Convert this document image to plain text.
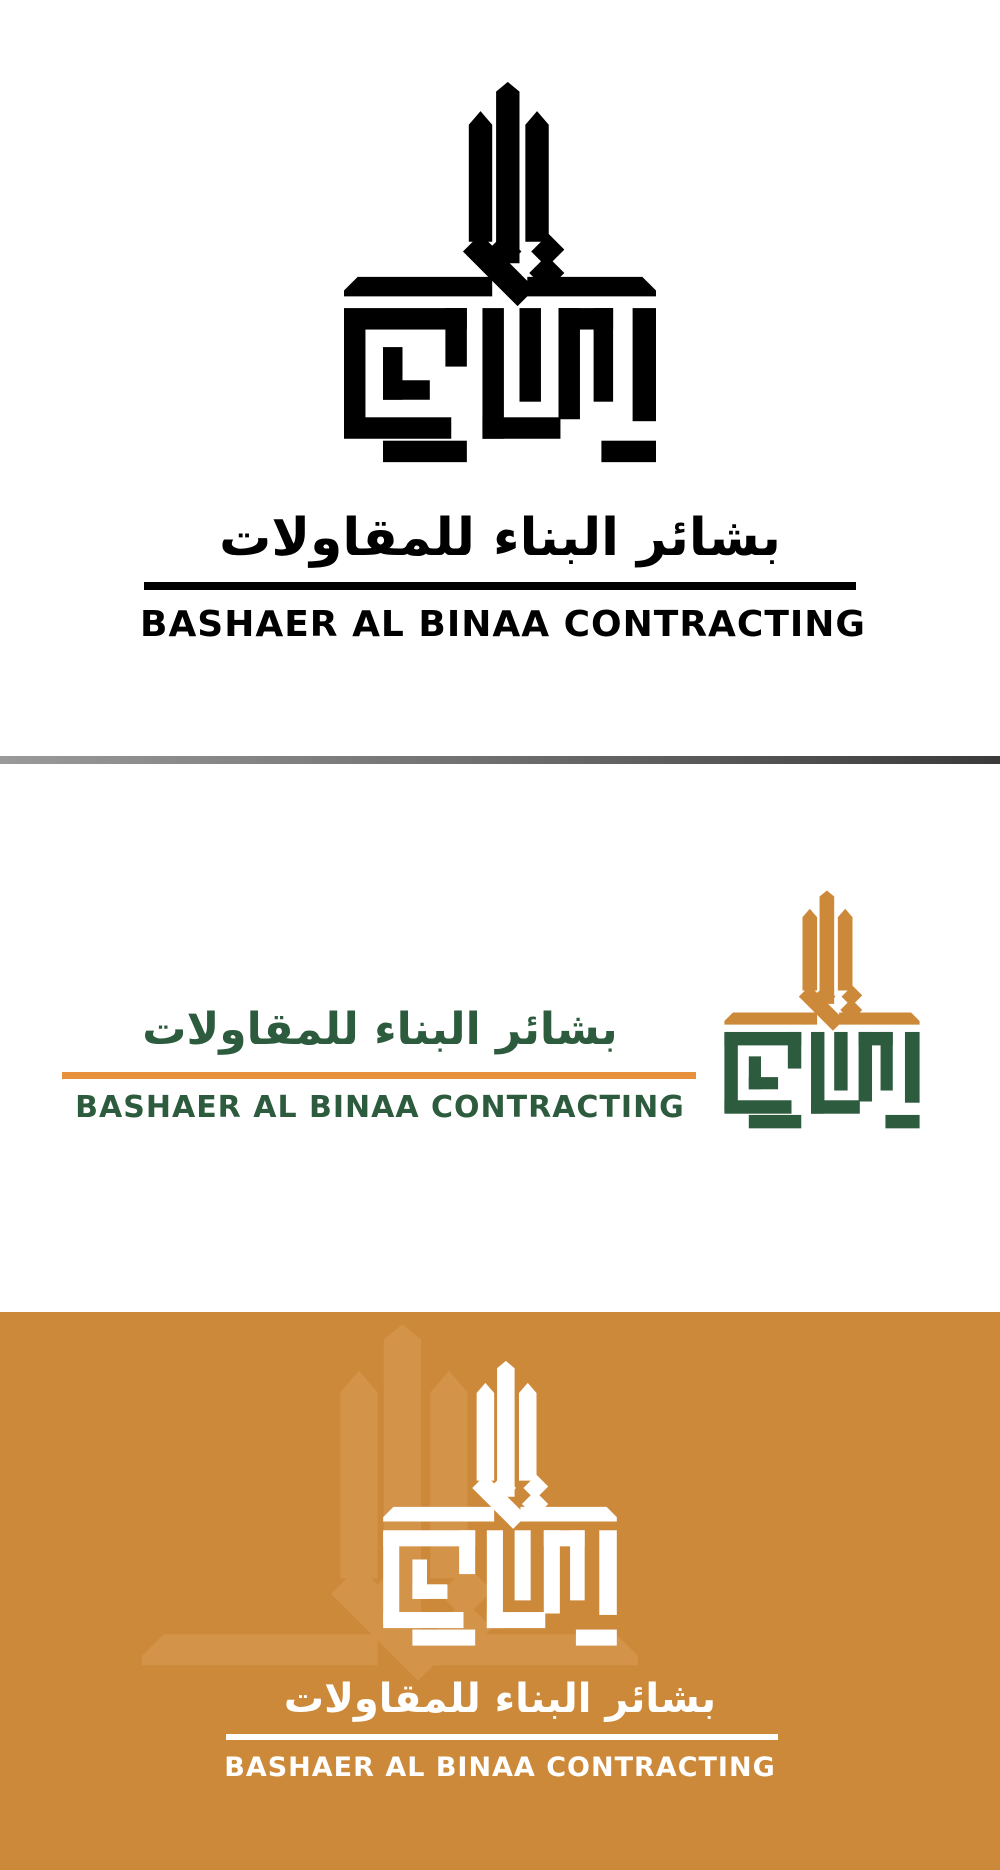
بشائر البناء للمقاولات
BASHAER AL BINAA CONTRACTING
بشائر البناء للمقاولات
BASHAER AL BINAA CONTRACTING
بشائر البناء للمقاولات
BASHAER AL BINAA CONTRACTING
